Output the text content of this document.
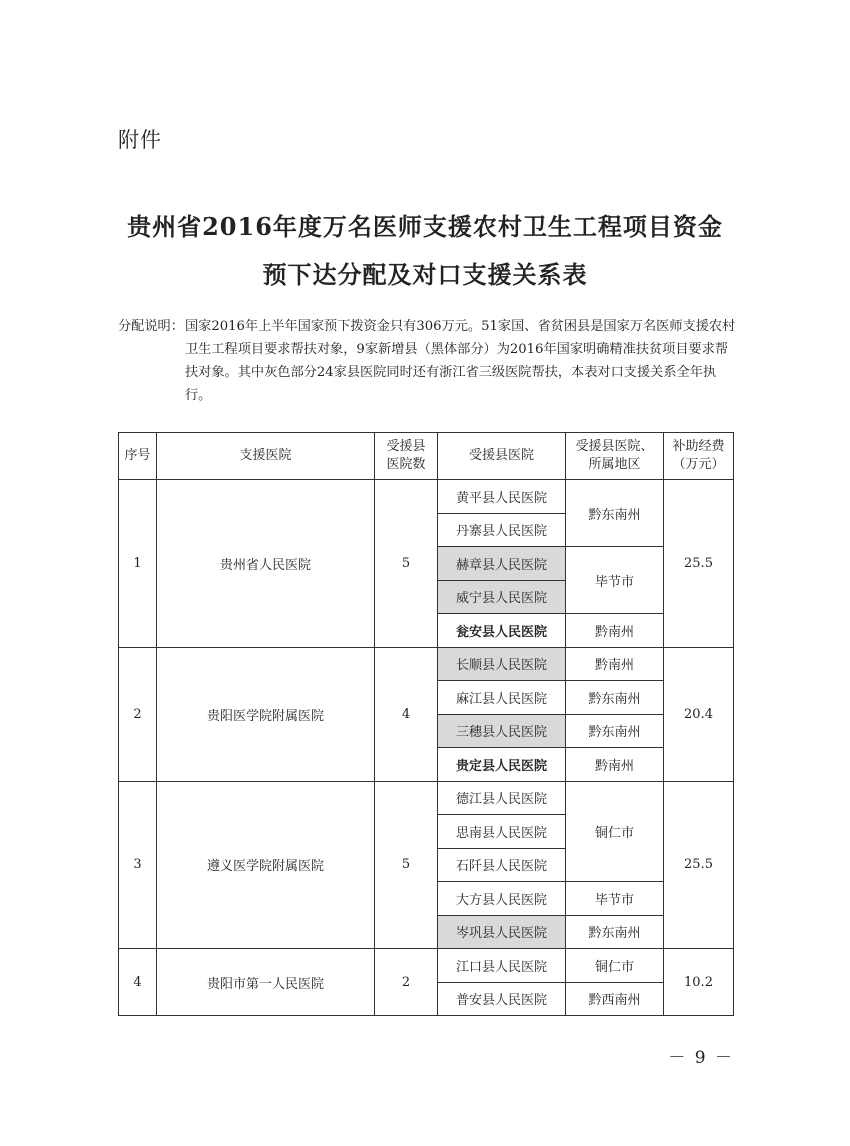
附件
贵州省2016年度万名医师支援农村卫生工程项目资金
预下达分配及对口支援关系表
分配说明： 国家2016年上半年国家预下拨资金只有306万元。51家国、省贫困县是国家万名医师支援农村卫生工程项目要求帮扶对象，9家新增县（黑体部分）为2016年国家明确精准扶贫项目要求帮扶对象。其中灰色部分24家县医院同时还有浙江省三级医院帮扶，本表对口支援关系全年执行。
序号	支援医院	受援县医院数	受援县医院	受援县医院、所属地区	补助经费（万元）

1	贵州省人民医院	5	黄平县人民医院	黔东南州	25.5
			丹寨县人民医院		
			赫章县人民医院	毕节市	
			威宁县人民医院		
			瓮安县人民医院	黔南州	
2	贵阳医学院附属医院	4	长顺县人民医院	黔南州	20.4
			麻江县人民医院	黔东南州	
			三穗县人民医院	黔东南州	
			贵定县人民医院	黔南州	
3	遵义医学院附属医院	5	德江县人民医院	铜仁市	25.5
			思南县人民医院		
			石阡县人民医院		
			大方县人民医院	毕节市	
			岑巩县人民医院	黔东南州	
4	贵阳市第一人民医院	2	江口县人民医院	铜仁市	10.2
			普安县人民医院	黔西南州	
－ 9 －
